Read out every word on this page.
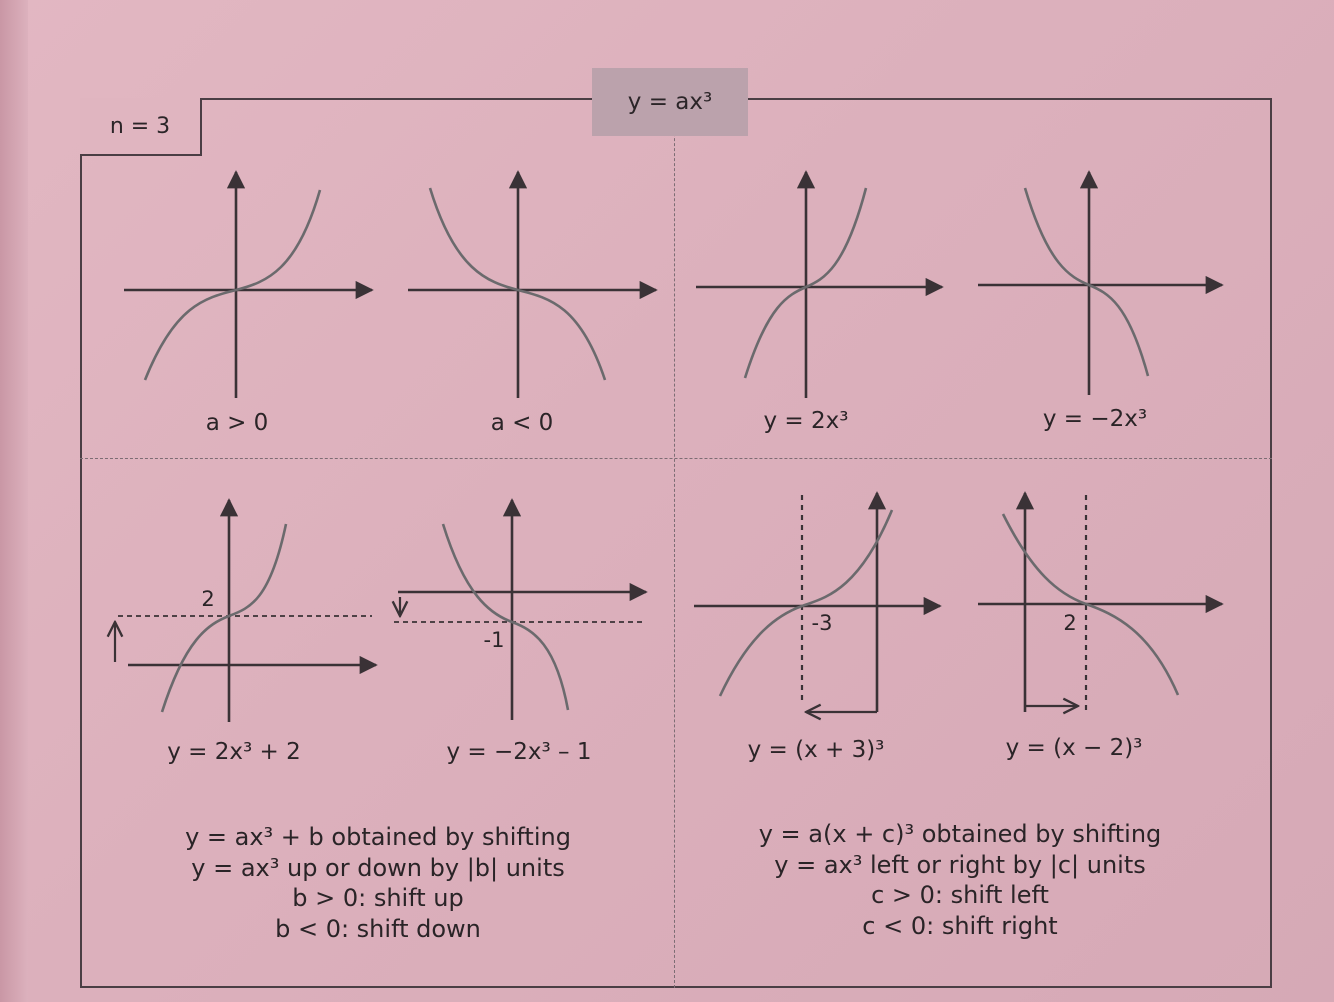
n = 3
y = ax³
2
-1
-3	2
a > 0	a < 0	y = 2x³	y = −2x³
y = 2x³ + 2	y = −2x³ – 1	y = (x + 3)³	y = (x − 2)³
y = ax³ + b obtained by shifting
y = ax³ up or down by |b| units
b > 0: shift up
b < 0: shift down
y = a(x + c)³ obtained by shifting
y = ax³ left or right by |c| units
c > 0: shift left
c < 0: shift right
